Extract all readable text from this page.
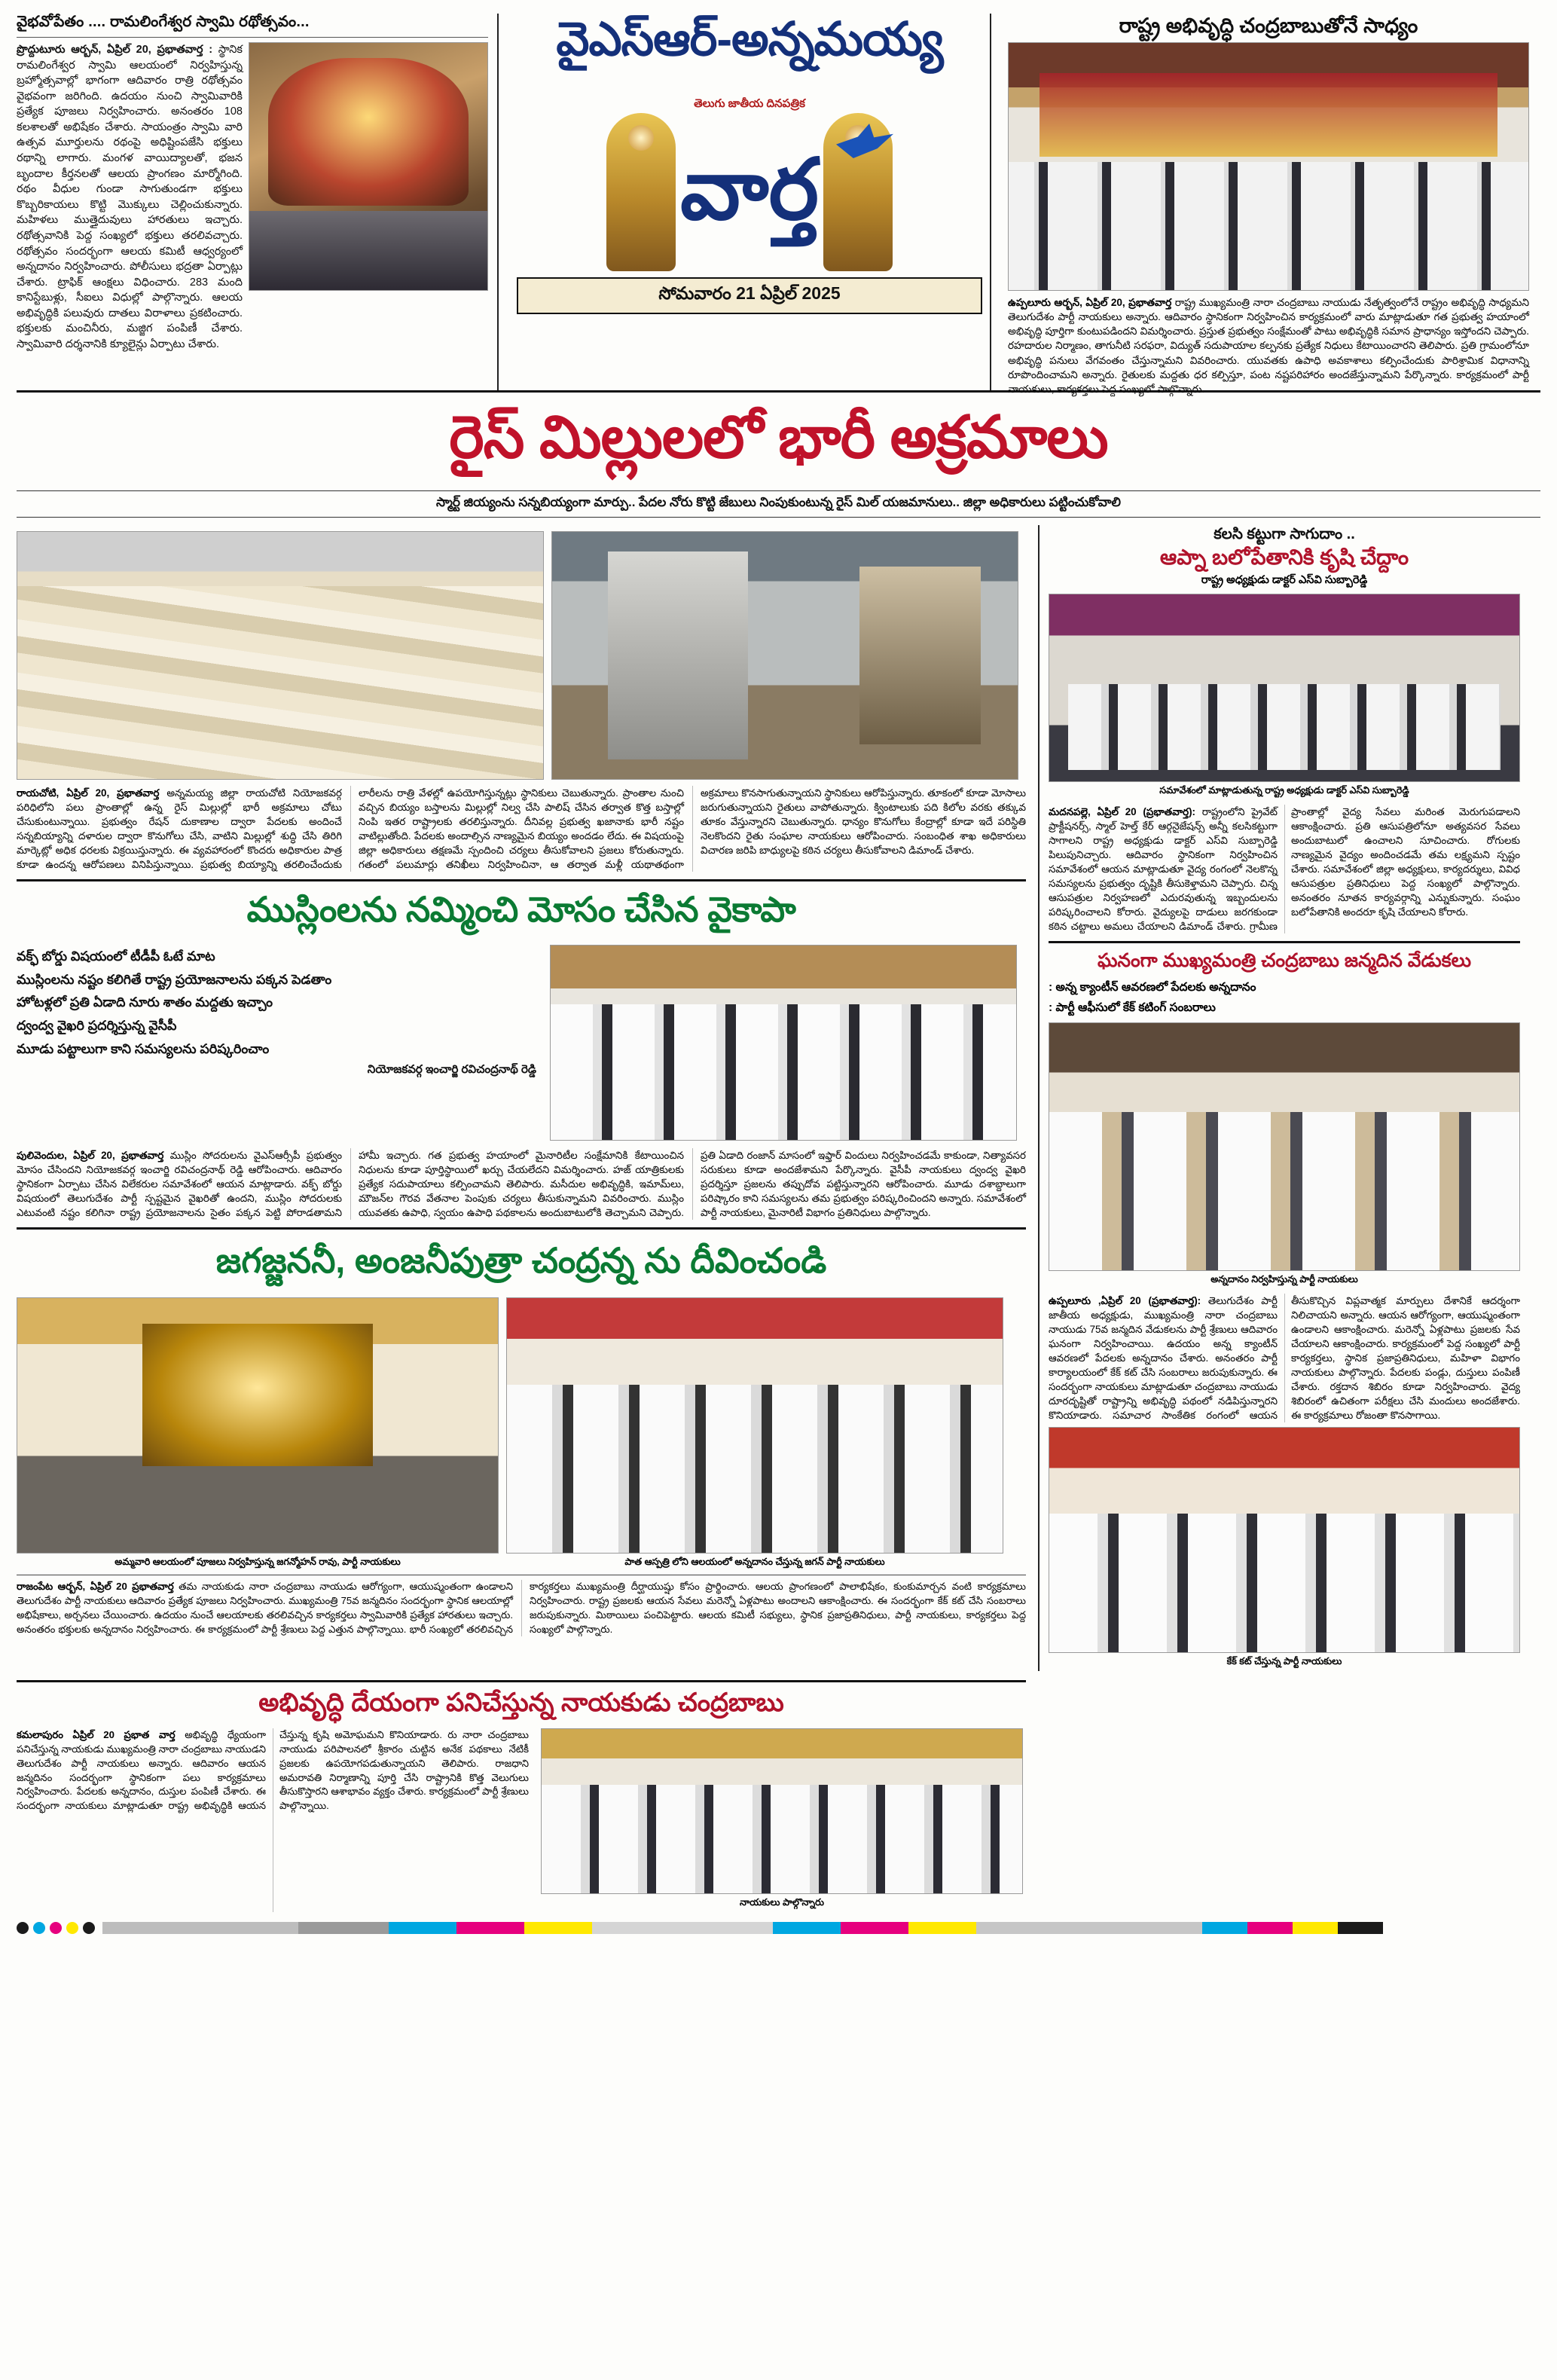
వైభవోపేతం .... రామలింగేశ్వర స్వామి రథోత్సవం...
ప్రొద్దుటూరు ఆర్బన్, ఏప్రిల్ 20, ప్రభాతవార్త : స్థానిక రామలింగేశ్వర స్వామి ఆలయంలో నిర్వహిస్తున్న బ్రహ్మోత్సవాల్లో భాగంగా ఆదివారం రాత్రి రథోత్సవం వైభవంగా జరిగింది. ఉదయం నుంచి స్వామివారికి ప్రత్యేక పూజలు నిర్వహించారు. అనంతరం 108 కలశాలతో అభిషేకం చేశారు. సాయంత్రం స్వామి వారి ఉత్సవ మూర్తులను రథంపై అధిష్టింపజేసి భక్తులు రథాన్ని లాగారు. మంగళ వాయిద్యాలతో, భజన బృందాల కీర్తనలతో ఆలయ ప్రాంగణం మార్మోగింది. రథం వీధుల గుండా సాగుతుండగా భక్తులు కొబ్బరికాయలు కొట్టి మొక్కులు చెల్లించుకున్నారు. మహిళలు ముత్తైదువులు హారతులు ఇచ్చారు. రథోత్సవానికి పెద్ద సంఖ్యలో భక్తులు తరలివచ్చారు. రథోత్సవం సందర్భంగా ఆలయ కమిటీ ఆధ్వర్యంలో అన్నదానం నిర్వహించారు. పోలీసులు భద్రతా ఏర్పాట్లు చేశారు. ట్రాఫిక్ ఆంక్షలు విధించారు. 283 మంది కానిస్టేబుళ్లు, సీఐలు విధుల్లో పాల్గొన్నారు. ఆలయ అభివృద్ధికి పలువురు దాతలు విరాళాలు ప్రకటించారు. భక్తులకు మంచినీరు, మజ్జిగ పంపిణీ చేశారు. స్వామివారి దర్శనానికి క్యూలైన్లు ఏర్పాటు చేశారు.
వైఎస్ఆర్-అన్నమయ్య
తెలుగు జాతీయ దినపత్రిక
వార్త
సోమవారం 21 ఏప్రిల్ 2025
రాష్ట్ర అభివృద్ధి చంద్రబాబుతోనే సాధ్యం
ఉప్పలూరు ఆర్బన్, ఏప్రిల్ 20, ప్రభాతవార్త రాష్ట్ర ముఖ్యమంత్రి నారా చంద్రబాబు నాయుడు నేతృత్వంలోనే రాష్ట్రం అభివృద్ధి సాధ్యమని తెలుగుదేశం పార్టీ నాయకులు అన్నారు. ఆదివారం స్థానికంగా నిర్వహించిన కార్యక్రమంలో వారు మాట్లాడుతూ గత ప్రభుత్వ హయాంలో అభివృద్ధి పూర్తిగా కుంటుపడిందని విమర్శించారు. ప్రస్తుత ప్రభుత్వం సంక్షేమంతో పాటు అభివృద్ధికి సమాన ప్రాధాన్యం ఇస్తోందని చెప్పారు. రహదారుల నిర్మాణం, తాగునీటి సరఫరా, విద్యుత్ సదుపాయాల కల్పనకు ప్రత్యేక నిధులు కేటాయించారని తెలిపారు. ప్రతి గ్రామంలోనూ అభివృద్ధి పనులు వేగవంతం చేస్తున్నామని వివరించారు. యువతకు ఉపాధి అవకాశాలు కల్పించేందుకు పారిశ్రామిక విధానాన్ని రూపొందించామని అన్నారు. రైతులకు మద్దతు ధర కల్పిస్తూ, పంట నష్టపరిహారం అందజేస్తున్నామని పేర్కొన్నారు. కార్యక్రమంలో పార్టీ నాయకులు, కార్యకర్తలు పెద్ద సంఖ్యలో పాల్గొన్నారు.
రైస్ మిల్లులలో భారీ అక్రమాలు
స్మార్ట్ జియ్యంను సన్నబియ్యంగా మార్పు.. పేదల నోరు కొట్టి జేబులు నింపుకుంటున్న రైస్ మిల్ యజమానులు.. జిల్లా అధికారులు పట్టించుకోవాలి
రాయచోటి, ఏప్రిల్ 20, ప్రభాతవార్త అన్నమయ్య జిల్లా రాయచోటి నియోజకవర్గ పరిధిలోని పలు ప్రాంతాల్లో ఉన్న రైస్ మిల్లుల్లో భారీ అక్రమాలు చోటు చేసుకుంటున్నాయి. ప్రభుత్వం రేషన్ దుకాణాల ద్వారా పేదలకు అందించే సన్నబియ్యాన్ని దళారుల ద్వారా కొనుగోలు చేసి, వాటిని మిల్లుల్లో శుద్ధి చేసి తిరిగి మార్కెట్లో అధిక ధరలకు విక్రయిస్తున్నారు. ఈ వ్యవహారంలో కొందరు అధికారుల పాత్ర కూడా ఉందన్న ఆరోపణలు వినిపిస్తున్నాయి. ప్రభుత్వ బియ్యాన్ని తరలించేందుకు లారీలను రాత్రి వేళల్లో ఉపయోగిస్తున్నట్లు స్థానికులు చెబుతున్నారు. ప్రాంతాల నుంచి వచ్చిన బియ్యం బస్తాలను మిల్లుల్లో నిల్వ చేసి పాలిష్ చేసిన తర్వాత కొత్త బస్తాల్లో నింపి ఇతర రాష్ట్రాలకు తరలిస్తున్నారు. దీనివల్ల ప్రభుత్వ ఖజానాకు భారీ నష్టం వాటిల్లుతోంది. పేదలకు అందాల్సిన నాణ్యమైన బియ్యం అందడం లేదు. ఈ విషయంపై జిల్లా అధికారులు తక్షణమే స్పందించి చర్యలు తీసుకోవాలని ప్రజలు కోరుతున్నారు. గతంలో పలుమార్లు తనిఖీలు నిర్వహించినా, ఆ తర్వాత మళ్లీ యథాతథంగా అక్రమాలు కొనసాగుతున్నాయని స్థానికులు ఆరోపిస్తున్నారు. తూకంలో కూడా మోసాలు జరుగుతున్నాయని రైతులు వాపోతున్నారు. క్వింటాలుకు పది కిలోల వరకు తక్కువ తూకం వేస్తున్నారని చెబుతున్నారు. ధాన్యం కొనుగోలు కేంద్రాల్లో కూడా ఇదే పరిస్థితి నెలకొందని రైతు సంఘాల నాయకులు ఆరోపించారు. సంబంధిత శాఖ అధికారులు విచారణ జరిపి బాధ్యులపై కఠిన చర్యలు తీసుకోవాలని డిమాండ్ చేశారు.
ముస్లింలను నమ్మించి మోసం చేసిన వైకాపా
వక్ఫ్ బోర్డు విషయంలో టీడీపీ ఓటే మాట
ముస్లింలను నష్టం కలిగితే రాష్ట్ర ప్రయోజనాలను పక్కన పెడతాం
హోటళ్లలో ప్రతి ఏడాది నూరు శాతం మద్దతు ఇచ్చాం
ద్వంద్వ వైఖరి ప్రదర్శిస్తున్న వైసీపీ
మూడు పట్టాలుగా కాని సమస్యలను పరిష్కరించాం
నియోజకవర్గ ఇంచార్జి రవిచంద్రనాథ్ రెడ్డి
పులివెందుల, ఏప్రిల్ 20, ప్రభాతవార్త ముస్లిం సోదరులను వైఎస్ఆర్సీపీ ప్రభుత్వం మోసం చేసిందని నియోజకవర్గ ఇంచార్జి రవిచంద్రనాథ్ రెడ్డి ఆరోపించారు. ఆదివారం స్థానికంగా ఏర్పాటు చేసిన విలేకరుల సమావేశంలో ఆయన మాట్లాడారు. వక్ఫ్ బోర్డు విషయంలో తెలుగుదేశం పార్టీ స్పష్టమైన వైఖరితో ఉందని, ముస్లిం సోదరులకు ఎటువంటి నష్టం కలిగినా రాష్ట్ర ప్రయోజనాలను సైతం పక్కన పెట్టి పోరాడతామని హామీ ఇచ్చారు. గత ప్రభుత్వ హయాంలో మైనారిటీల సంక్షేమానికి కేటాయించిన నిధులను కూడా పూర్తిస్థాయిలో ఖర్చు చేయలేదని విమర్శించారు. హజ్ యాత్రికులకు ప్రత్యేక సదుపాయాలు కల్పించామని తెలిపారు. మసీదుల అభివృద్ధికి, ఇమామ్‌లు, మౌజన్‌ల గౌరవ వేతనాల పెంపుకు చర్యలు తీసుకున్నామని వివరించారు. ముస్లిం యువతకు ఉపాధి, స్వయం ఉపాధి పథకాలను అందుబాటులోకి తెచ్చామని చెప్పారు. ప్రతి ఏడాది రంజాన్ మాసంలో ఇఫ్తార్ విందులు నిర్వహించడమే కాకుండా, నిత్యావసర సరుకులు కూడా అందజేశామని పేర్కొన్నారు. వైసీపీ నాయకులు ద్వంద్వ వైఖరి ప్రదర్శిస్తూ ప్రజలను తప్పుదోవ పట్టిస్తున్నారని ఆరోపించారు. మూడు దశాబ్దాలుగా పరిష్కారం కాని సమస్యలను తమ ప్రభుత్వం పరిష్కరించిందని అన్నారు. సమావేశంలో పార్టీ నాయకులు, మైనారిటీ విభాగం ప్రతినిధులు పాల్గొన్నారు.
జగజ్జననీ, అంజనీపుత్రా చంద్రన్న ను దీవించండి
అమ్మవారి ఆలయంలో పూజలు నిర్వహిస్తున్న జగన్మోహన్ రావు, పార్టీ నాయకులు	పాత ఆస్పత్రి లోని ఆలయంలో అన్నదానం చేస్తున్న జగన్ పార్టీ నాయకులు
రాజంపేట ఆర్బన్, ఏప్రిల్ 20 ప్రభాతవార్త తమ నాయకుడు నారా చంద్రబాబు నాయుడు ఆరోగ్యంగా, ఆయుష్మంతంగా ఉండాలని తెలుగుదేశం పార్టీ నాయకులు ఆదివారం ప్రత్యేక పూజలు నిర్వహించారు. ముఖ్యమంత్రి 75వ జన్మదినం సందర్భంగా స్థానిక ఆలయాల్లో అభిషేకాలు, అర్చనలు చేయించారు. ఉదయం నుంచే ఆలయాలకు తరలివచ్చిన కార్యకర్తలు స్వామివారికి ప్రత్యేక హారతులు ఇచ్చారు. అనంతరం భక్తులకు అన్నదానం నిర్వహించారు. ఈ కార్యక్రమంలో పార్టీ శ్రేణులు పెద్ద ఎత్తున పాల్గొన్నాయి. భారీ సంఖ్యలో తరలివచ్చిన కార్యకర్తలు ముఖ్యమంత్రి దీర్ఘాయుష్షు కోసం ప్రార్థించారు. ఆలయ ప్రాంగణంలో పాలాభిషేకం, కుంకుమార్చన వంటి కార్యక్రమాలు నిర్వహించారు. రాష్ట్ర ప్రజలకు ఆయన సేవలు మరెన్నో ఏళ్లపాటు అందాలని ఆకాంక్షించారు. ఈ సందర్భంగా కేక్ కట్ చేసి సంబరాలు జరుపుకున్నారు. మిఠాయిలు పంచిపెట్టారు. ఆలయ కమిటీ సభ్యులు, స్థానిక ప్రజాప్రతినిధులు, పార్టీ నాయకులు, కార్యకర్తలు పెద్ద సంఖ్యలో పాల్గొన్నారు.
కలసి కట్టుగా సాగుదాం ..
ఆప్నా బలోపేతానికి కృషి చేద్దాం
రాష్ట్ర అధ్యక్షుడు డాక్టర్ ఎస్‌వి సుబ్బారెడ్డి
సమావేశంలో మాట్లాడుతున్న రాష్ట్ర అధ్యక్షుడు డాక్టర్ ఎస్‌వి సుబ్బారెడ్డి
మదనపల్లె, ఏప్రిల్ 20 (ప్రభాతవార్త): రాష్ట్రంలోని ప్రైవేట్ ప్రాక్టీషనర్స్, స్మాల్ హెల్త్ కేర్ ఆర్గనైజేషన్స్ అన్నీ కలసికట్టుగా సాగాలని రాష్ట్ర అధ్యక్షుడు డాక్టర్ ఎస్‌వి సుబ్బారెడ్డి పిలుపునిచ్చారు. ఆదివారం స్థానికంగా నిర్వహించిన సమావేశంలో ఆయన మాట్లాడుతూ వైద్య రంగంలో నెలకొన్న సమస్యలను ప్రభుత్వం దృష్టికి తీసుకెళ్తామని చెప్పారు. చిన్న ఆసుపత్రుల నిర్వహణలో ఎదురవుతున్న ఇబ్బందులను పరిష్కరించాలని కోరారు. వైద్యులపై దాడులు జరగకుండా కఠిన చట్టాలు అమలు చేయాలని డిమాండ్ చేశారు. గ్రామీణ ప్రాంతాల్లో వైద్య సేవలు మరింత మెరుగుపడాలని ఆకాంక్షించారు. ప్రతి ఆసుపత్రిలోనూ అత్యవసర సేవలు అందుబాటులో ఉంచాలని సూచించారు. రోగులకు నాణ్యమైన వైద్యం అందించడమే తమ లక్ష్యమని స్పష్టం చేశారు. సమావేశంలో జిల్లా అధ్యక్షులు, కార్యదర్శులు, వివిధ ఆసుపత్రుల ప్రతినిధులు పెద్ద సంఖ్యలో పాల్గొన్నారు. అనంతరం నూతన కార్యవర్గాన్ని ఎన్నుకున్నారు. సంఘం బలోపేతానికి అందరూ కృషి చేయాలని కోరారు.
ఘనంగా ముఖ్యమంత్రి చంద్రబాబు జన్మదిన వేడుకలు
: అన్న క్యాంటీన్ ఆవరణలో పేదలకు అన్నదానం
: పార్టీ ఆఫీసులో కేక్ కటింగ్ సంబరాలు
అన్నదానం నిర్వహిస్తున్న పార్టీ నాయకులు
ఉప్పలూరు ,ఏప్రిల్ 20 (ప్రభాతవార్త): తెలుగుదేశం పార్టీ జాతీయ అధ్యక్షుడు, ముఖ్యమంత్రి నారా చంద్రబాబు నాయుడు 75వ జన్మదిన వేడుకలను పార్టీ శ్రేణులు ఆదివారం ఘనంగా నిర్వహించాయి. ఉదయం అన్న క్యాంటీన్ ఆవరణలో పేదలకు అన్నదానం చేశారు. అనంతరం పార్టీ కార్యాలయంలో కేక్ కట్ చేసి సంబరాలు జరుపుకున్నారు. ఈ సందర్భంగా నాయకులు మాట్లాడుతూ చంద్రబాబు నాయుడు దూరదృష్టితో రాష్ట్రాన్ని అభివృద్ధి పథంలో నడిపిస్తున్నారని కొనియాడారు. సమాచార సాంకేతిక రంగంలో ఆయన తీసుకొచ్చిన విప్లవాత్మక మార్పులు దేశానికే ఆదర్శంగా నిలిచాయని అన్నారు. ఆయన ఆరోగ్యంగా, ఆయుష్మంతంగా ఉండాలని ఆకాంక్షించారు. మరెన్నో ఏళ్లపాటు ప్రజలకు సేవ చేయాలని ఆకాంక్షించారు. కార్యక్రమంలో పెద్ద సంఖ్యలో పార్టీ కార్యకర్తలు, స్థానిక ప్రజాప్రతినిధులు, మహిళా విభాగం నాయకులు పాల్గొన్నారు. పేదలకు పండ్లు, దుస్తులు పంపిణీ చేశారు. రక్తదాన శిబిరం కూడా నిర్వహించారు. వైద్య శిబిరంలో ఉచితంగా పరీక్షలు చేసి మందులు అందజేశారు. ఈ కార్యక్రమాలు రోజంతా కొనసాగాయి.
కేక్ కట్ చేస్తున్న పార్టీ నాయకులు
అభివృద్ధి దేయంగా పనిచేస్తున్న నాయకుడు చంద్రబాబు
కమలాపురం ఏప్రిల్ 20 ప్రభాత వార్త అభివృద్ధి ధ్యేయంగా పనిచేస్తున్న నాయకుడు ముఖ్యమంత్రి నారా చంద్రబాబు నాయుడని తెలుగుదేశం పార్టీ నాయకులు అన్నారు. ఆదివారం ఆయన జన్మదినం సందర్భంగా స్థానికంగా పలు కార్యక్రమాలు నిర్వహించారు. పేదలకు అన్నదానం, దుస్తుల పంపిణీ చేశారు. ఈ సందర్భంగా నాయకులు మాట్లాడుతూ రాష్ట్ర అభివృద్ధికి ఆయన చేస్తున్న కృషి అమోఘమని కొనియాడారు. రు నారా చంద్రబాబు నాయుడు పరిపాలనలో శ్రీకారం చుట్టిన అనేక పథకాలు నేటికీ ప్రజలకు ఉపయోగపడుతున్నాయని తెలిపారు. రాజధాని అమరావతి నిర్మాణాన్ని పూర్తి చేసి రాష్ట్రానికి కొత్త వెలుగులు తీసుకొస్తారని ఆశాభావం వ్యక్తం చేశారు. కార్యక్రమంలో పార్టీ శ్రేణులు పాల్గొన్నాయి.
నాయకులు పాల్గొన్నారు
